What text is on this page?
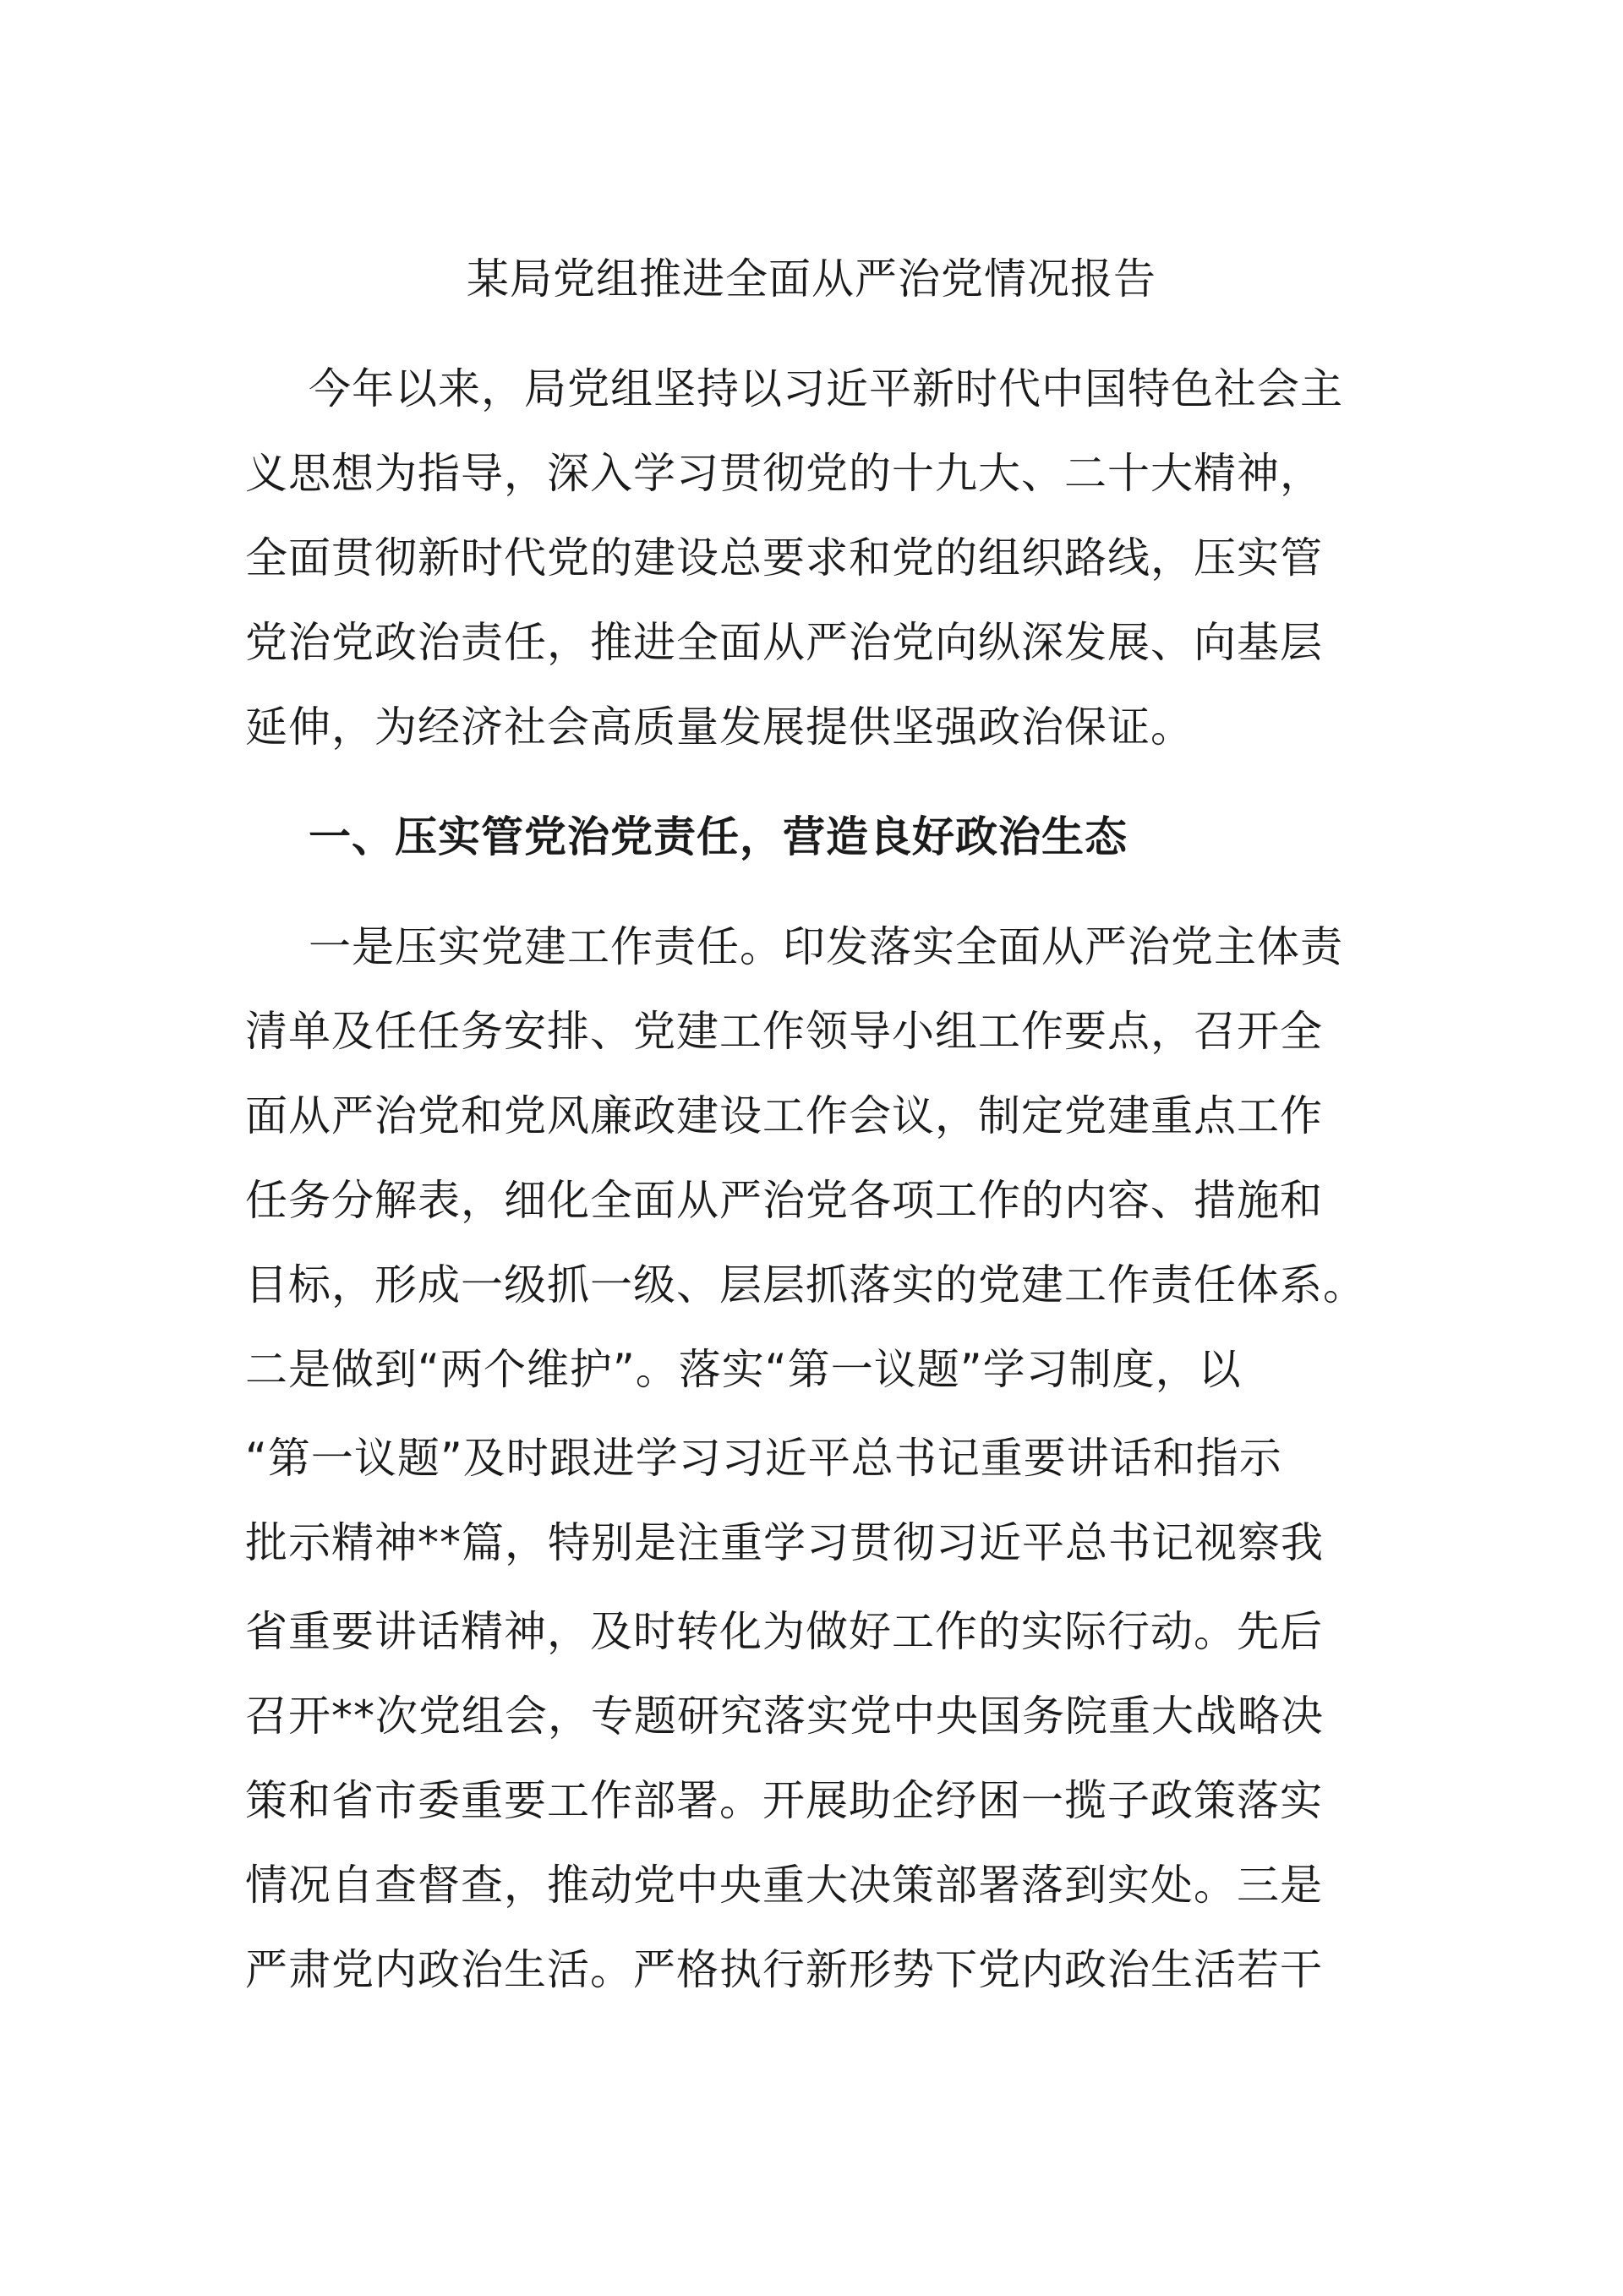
某局党组推进全面从严治党情况报告
今年以来，局党组坚持以习近平新时代中国特色社会主
义思想为指导，深入学习贯彻党的十九大、二十大精神，
全面贯彻新时代党的建设总要求和党的组织路线，压实管
党治党政治责任，推进全面从严治党向纵深发展、向基层
延伸，为经济社会高质量发展提供坚强政治保证。
一、压实管党治党责任，营造良好政治生态
一是压实党建工作责任。印发落实全面从严治党主体责
清单及任任务安排、党建工作领导小组工作要点，召开全
面从严治党和党风廉政建设工作会议，制定党建重点工作
任务分解表，细化全面从严治党各项工作的内容、措施和
目标，形成一级抓一级、层层抓落实的党建工作责任体系。
二是做到“两个维护”。落实“第一议题”学习制度，以
“第一议题”及时跟进学习习近平总书记重要讲话和指示
批示精神**篇，特别是注重学习贯彻习近平总书记视察我
省重要讲话精神，及时转化为做好工作的实际行动。先后
召开**次党组会，专题研究落实党中央国务院重大战略决
策和省市委重要工作部署。开展助企纾困一揽子政策落实
情况自查督查，推动党中央重大决策部署落到实处。三是
严肃党内政治生活。严格执行新形势下党内政治生活若干
